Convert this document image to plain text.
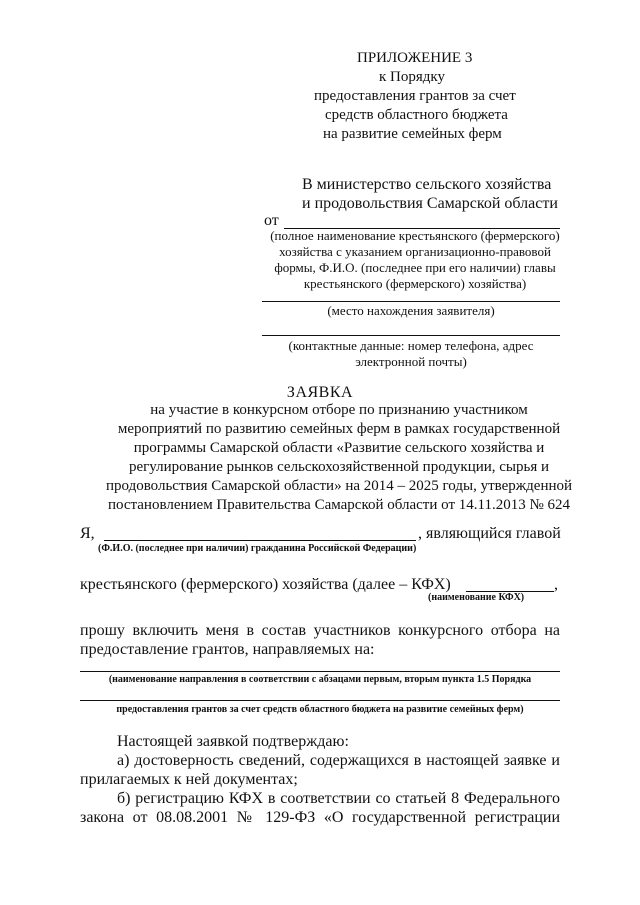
ПРИЛОЖЕНИЕ 3
к Порядку
предоставления грантов за счет
средств областного бюджета
на развитие семейных ферм
В министерство сельского хозяйства
и продовольствия Самарской области
от
(полное наименование крестьянского (фермерского)
хозяйства с указанием организационно-правовой
формы, Ф.И.О. (последнее при его наличии) главы
крестьянского (фермерского) хозяйства)
(место нахождения заявителя)
(контактные данные: номер телефона, адрес
электронной почты)
ЗАЯВКА
на участие в конкурсном отборе по признанию участником
мероприятий по развитию семейных ферм в рамках государственной
программы Самарской области «Развитие сельского хозяйства и
регулирование рынков сельскохозяйственной продукции, сырья и
продовольствия Самарской области» на 2014 – 2025 годы, утвержденной
постановлением Правительства Самарской области от 14.11.2013 № 624
Я,	, являющийся главой
(Ф.И.О. (последнее при наличии) гражданина Российской Федерации)
крестьянского (фермерского) хозяйства (далее – КФХ)	,
(наименование КФХ)
прошу включить меня в состав участников конкурсного отбора на
предоставление грантов, направляемых на:
(наименование направления в соответствии с абзацами первым, вторым пункта 1.5 Порядка
предоставления грантов за счет средств областного бюджета на развитие семейных ферм)
Настоящей заявкой подтверждаю:
а) достоверность сведений, содержащихся в настоящей заявке и
прилагаемых к ней документах;
б) регистрацию КФХ в соответствии со статьей 8 Федерального
закона от 08.08.2001 № 129-ФЗ «О государственной регистрации
